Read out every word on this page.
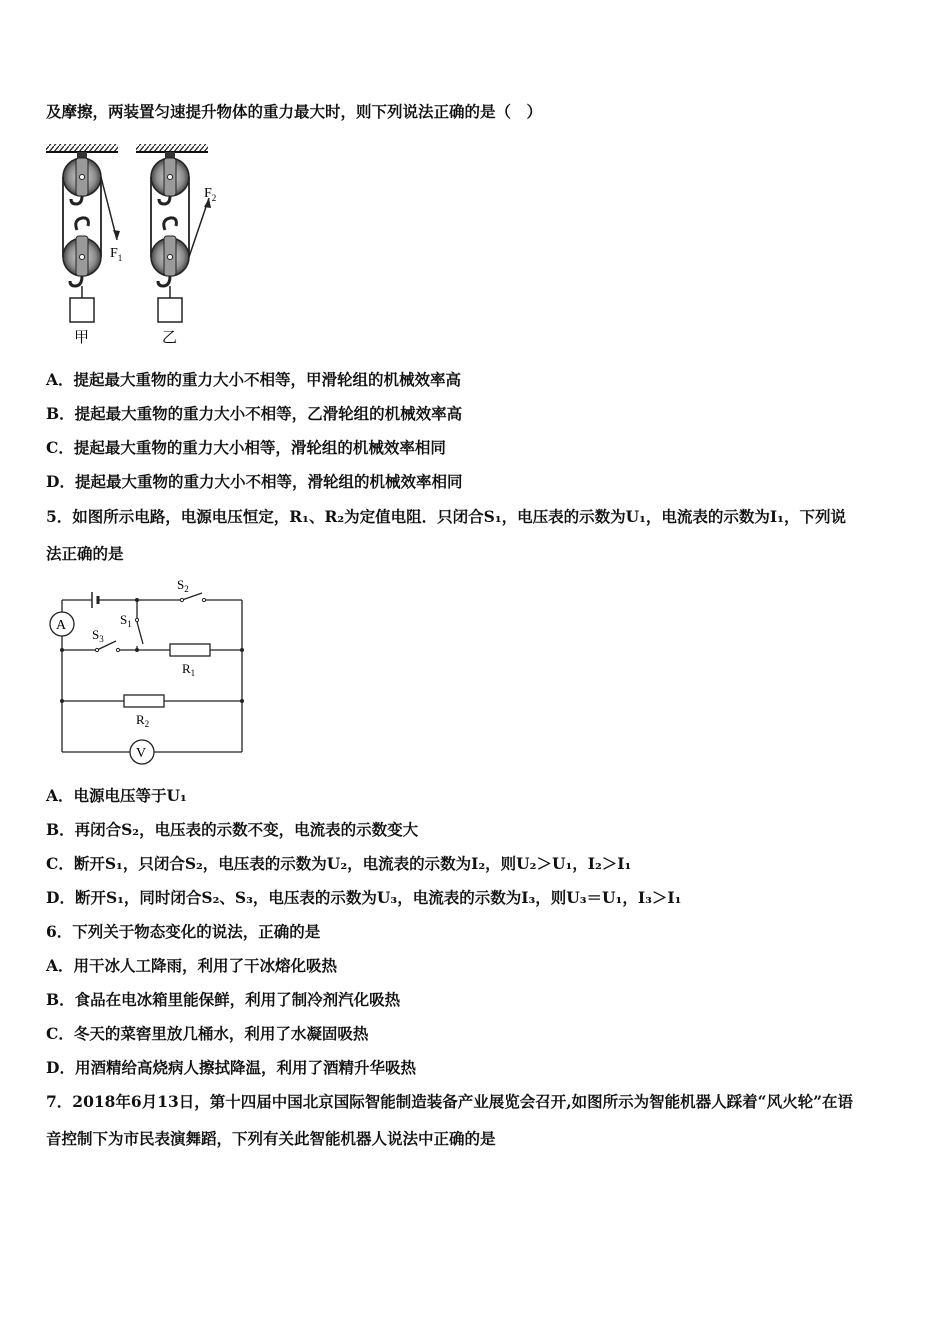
及摩擦，两装置匀速提升物体的重力最大时，则下列说法正确的是（　）
$F_1$
甲
$F_2$
乙
A．提起最大重物的重力大小不相等，甲滑轮组的机械效率高
B．提起最大重物的重力大小不相等，乙滑轮组的机械效率高
C．提起最大重物的重力大小相等，滑轮组的机械效率相同
D．提起最大重物的重力大小不相等，滑轮组的机械效率相同
5．如图所示电路，电源电压恒定，R₁、R₂为定值电阻．只闭合S₁，电压表的示数为U₁，电流表的示数为I₁，下列说
法正确的是
A
V
$S_2$
$S_1$
$S_3$
$R_1$
$R_2$
A．电源电压等于U₁
B．再闭合S₂，电压表的示数不变，电流表的示数变大
C．断开S₁，只闭合S₂，电压表的示数为U₂，电流表的示数为I₂，则U₂＞U₁，I₂＞I₁
D．断开S₁，同时闭合S₂、S₃，电压表的示数为U₃，电流表的示数为I₃，则U₃＝U₁，I₃＞I₁
6．下列关于物态变化的说法，正确的是
A．用干冰人工降雨，利用了干冰熔化吸热
B．食品在电冰箱里能保鲜，利用了制冷剂汽化吸热
C．冬天的菜窖里放几桶水，利用了水凝固吸热
D．用酒精给高烧病人擦拭降温，利用了酒精升华吸热
7．2018年6月13日，第十四届中国北京国际智能制造装备产业展览会召开,如图所示为智能机器人踩着“风火轮”在语
音控制下为市民表演舞蹈，下列有关此智能机器人说法中正确的是
